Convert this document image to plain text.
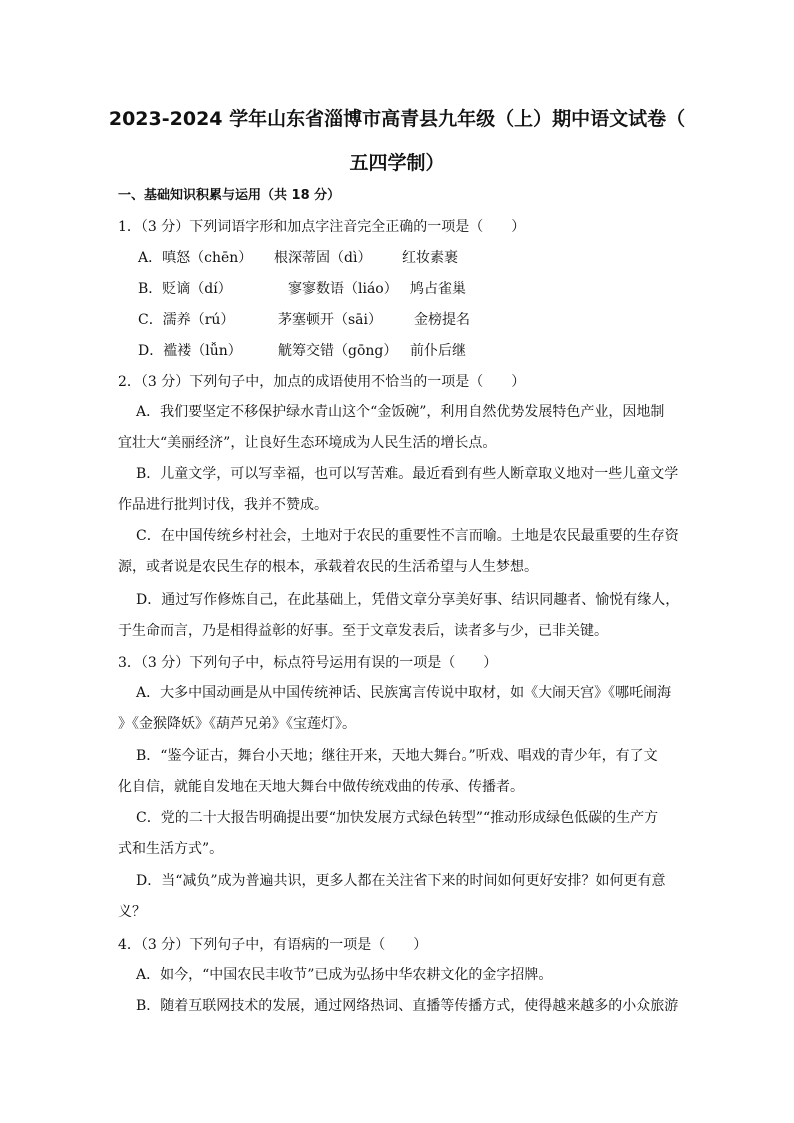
2023-2024 学年山东省淄博市高青县九年级（上）期中语文试卷（
五四学制）
一、基础知识积累与运用（共 18 分）
1．（3 分）下列词语字形和加点字注音完全正确的一项是（　　）
A．嗔怒（chēn） 根深蒂固（dì） 红妆素裹
B．贬谪（dí）	寥寥数语（liáo） 鸠占雀巢
C．濡养（rú）	茅塞顿开（sāi） 金榜提名
D．褴褛（lǚn）	觥筹交错（gōng） 前仆后继
2．（3 分）下列句子中，加点的成语使用不恰当的一项是（　　）
A．我们要坚定不移保护绿水青山这个“金饭碗”，利用自然优势发展特色产业，因地制
宜壮大“美丽经济”，让良好生态环境成为人民生活的增长点。
B．儿童文学，可以写幸福，也可以写苦难。最近看到有些人断章取义地对一些儿童文学
作品进行批判讨伐，我并不赞成。
C．在中国传统乡村社会，土地对于农民的重要性不言而喻。土地是农民最重要的生存资
源，或者说是农民生存的根本，承载着农民的生活希望与人生梦想。
D．通过写作修炼自己，在此基础上，凭借文章分享美好事、结识同趣者、愉悦有缘人，
于生命而言，乃是相得益彰的好事。至于文章发表后，读者多与少，已非关键。
3．（3 分）下列句子中，标点符号运用有误的一项是（　　）
A．大多中国动画是从中国传统神话、民族寓言传说中取材，如《大闹天宫》《哪吒闹海
》《金猴降妖》《葫芦兄弟》《宝莲灯》。
B．“鉴今证古，舞台小天地；继往开来，天地大舞台。”听戏、唱戏的青少年，有了文
化自信，就能自发地在天地大舞台中做传统戏曲的传承、传播者。
C．党的二十大报告明确提出要“加快发展方式绿色转型”“推动形成绿色低碳的生产方
式和生活方式”。
D．当“减负”成为普遍共识，更多人都在关注省下来的时间如何更好安排？如何更有意
义？
4．（3 分）下列句子中，有语病的一项是（　　）
A．如今，“中国农民丰收节”已成为弘扬中华农耕文化的金字招牌。
B．随着互联网技术的发展，通过网络热词、直播等传播方式，使得越来越多的小众旅游
